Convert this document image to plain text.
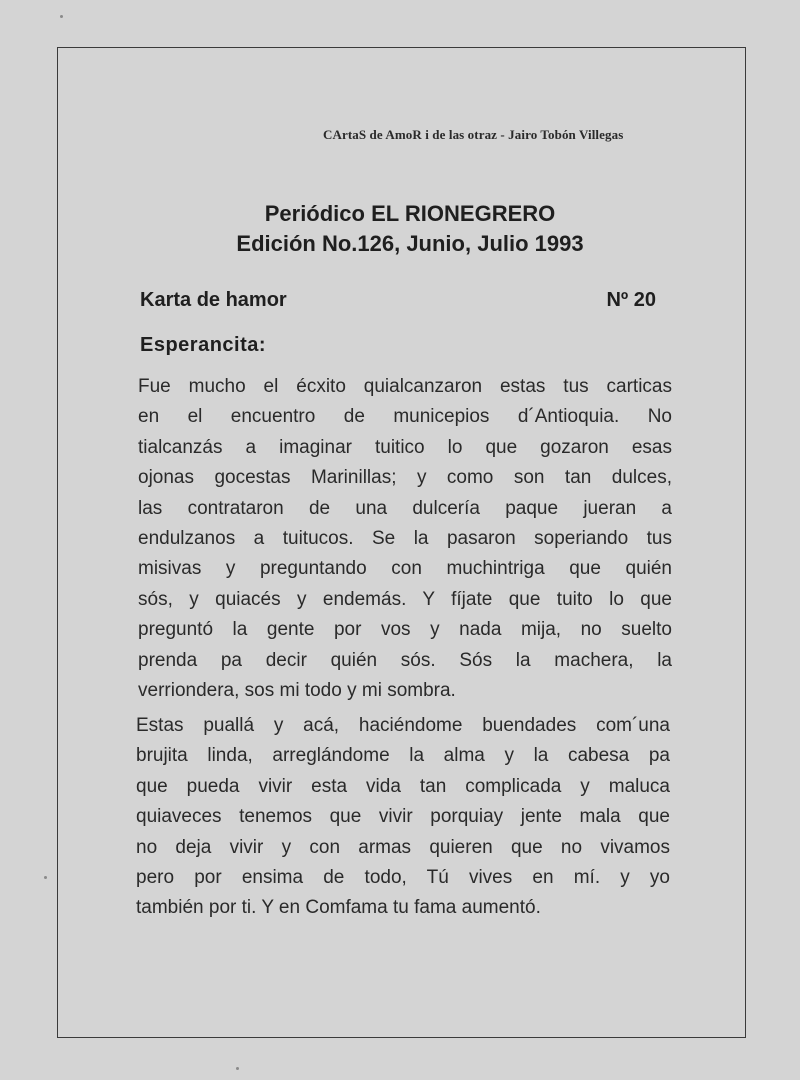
CArtaS de AmoR i de las otraz - Jairo Tobón Villegas
Periódico EL RIONEGRERO
Edición No.126, Junio, Julio 1993
Karta de hamor	Nº 20
Esperancita:
Fue mucho el écxito quialcanzaron estas tus carticas
en el encuentro de municepios d´Antioquia. No
tialcanzás a imaginar tuitico lo que gozaron esas
ojonas gocestas Marinillas; y como son tan dulces,
las contrataron de una dulcería paque jueran a
endulzanos a tuitucos. Se la pasaron soperiando tus
misivas y preguntando con muchintriga que quién
sós, y quiacés y endemás. Y fíjate que tuito lo que
preguntó la gente por vos y nada mija, no suelto
prenda pa decir quién sós. Sós la machera, la
verriondera, sos mi todo y mi sombra.
Estas puallá y acá, haciéndome buendades com´una
brujita linda, arreglándome la alma y la cabesa pa
que pueda vivir esta vida tan complicada y maluca
quiaveces tenemos que vivir porquiay jente mala que
no deja vivir y con armas quieren que no vivamos
pero por ensima de todo, Tú vives en mí. y yo
también por ti. Y en Comfama tu fama aumentó.
